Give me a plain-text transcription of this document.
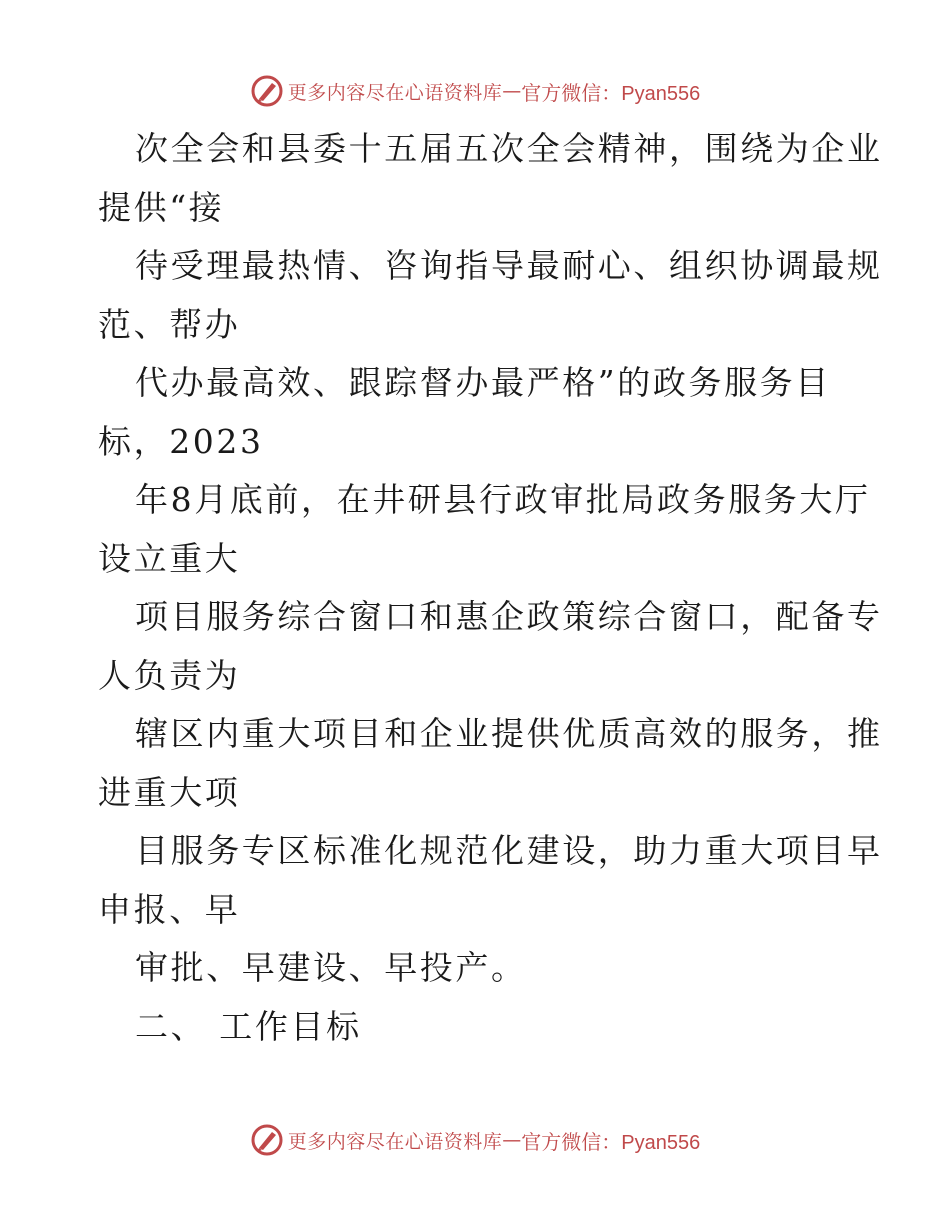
更多内容尽在心语资料库 — 官方微信：Pyan556
次全会和县委十五届五次全会精神，围绕为企业
提供“接
待受理最热情、咨询指导最耐心、组织协调最规
范、帮办
代办最高效、跟踪督办最严格”的政务服务目
标，2023
年8月底前，在井研县行政审批局政务服务大厅
设立重大
项目服务综合窗口和惠企政策综合窗口，配备专
人负责为
辖区内重大项目和企业提供优质高效的服务，推
进重大项
目服务专区标准化规范化建设，助力重大项目早
申报、早
审批、早建设、早投产。
二、 工作目标
更多内容尽在心语资料库 — 官方微信：Pyan556
